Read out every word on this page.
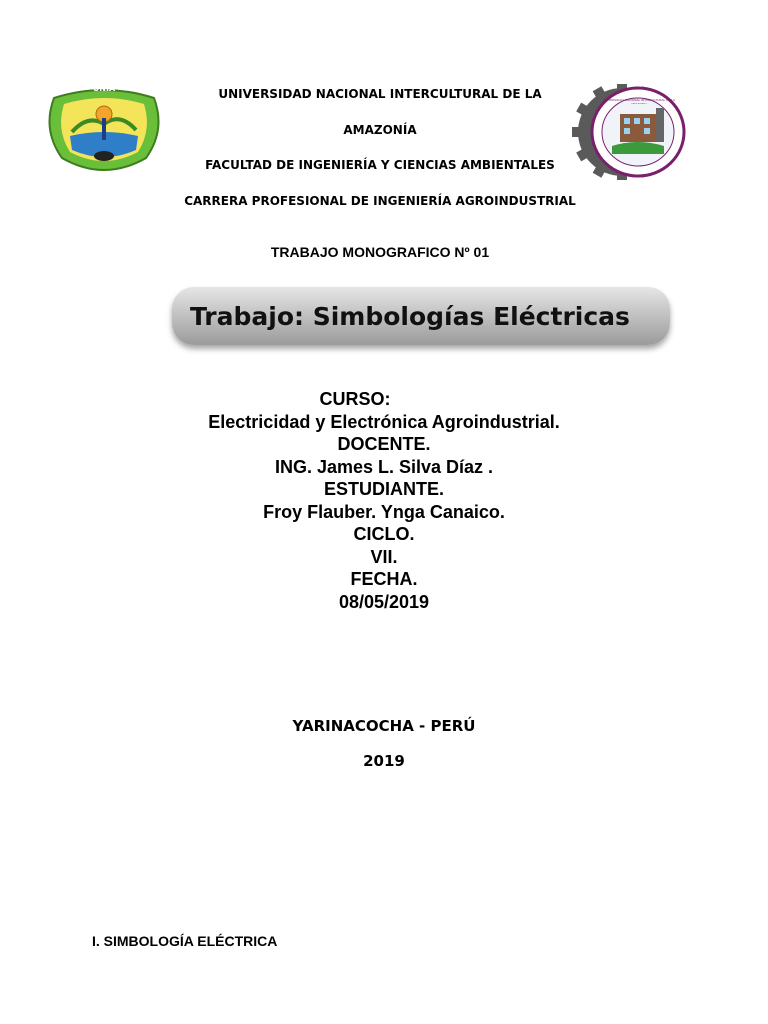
UNIA
UNIVERSIDAD NACIONAL INTERCULTURAL DE LA AMAZONÍA
UNIVERSIDAD NACIONAL INTERCULTURAL DE LA
AMAZONÍA
FACULTAD DE INGENIERÍA Y CIENCIAS AMBIENTALES
CARRERA PROFESIONAL DE INGENIERÍA AGROINDUSTRIAL
TRABAJO MONOGRAFICO Nº 01
Trabajo: Simbologías Eléctricas
CURSO:
Electricidad y Electrónica Agroindustrial.
DOCENTE.
ING. James L. Silva Díaz .
ESTUDIANTE.
Froy Flauber. Ynga Canaico.
CICLO.
VII.
FECHA.
08/05/2019
YARINACOCHA - PERÚ
2019
I. SIMBOLOGÍA ELÉCTRICA
